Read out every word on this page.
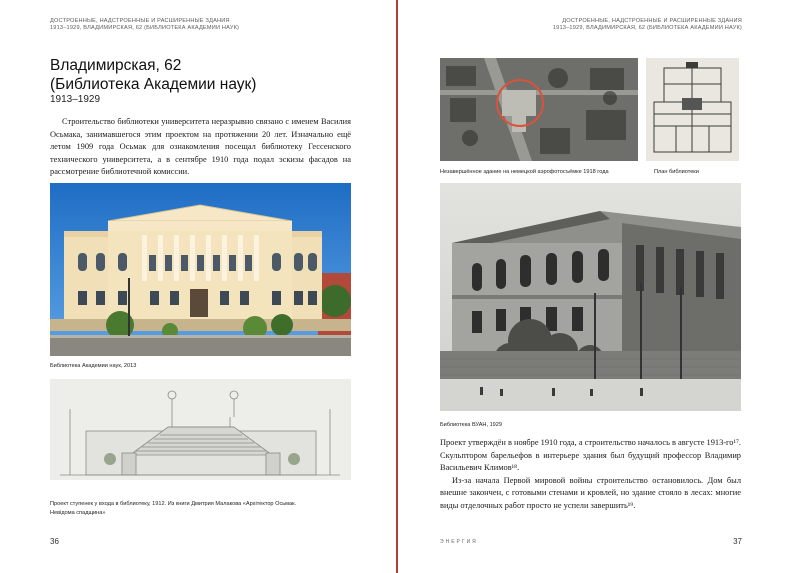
ДОСТРОЕННЫЕ, НАДСТРОЕННЫЕ И РАСШИРЕННЫЕ ЗДАНИЯ
1913–1929, ВЛАДИМИРСКАЯ, 62 (БИБЛИОТЕКА АКАДЕМИИ НАУК)
Владимирская, 62
(Библиотека Академии наук)
1913–1929

Строительство библиотеки университета неразрывно связано с именем Василия Осьмака, занимавшегося этим проектом на протяжении 20 лет. Изначально ещё летом 1909 года Осьмак для ознакомления посещал библиотеку Гессенского технического университета, а в сентябре 1910 года подал эскизы фасадов на рассмотрение библиотечной комиссии.

Библиотека Академии наук, 2013
Проект ступенек у входа в библиотеку, 1912. Из книги Дмитрия Малакова «Архітектор Осьмак.
Невідома спадщина»
36
ДОСТРОЕННЫЕ, НАДСТРОЕННЫЕ И РАСШИРЕННЫЕ ЗДАНИЯ
1913–1929, ВЛАДИМИРСКАЯ, 62 (БИБЛИОТЕКА АКАДЕМИИ НАУК)
Незавершённое здание на немецкой аэрофотосъёмке 1918 года	План библиотеки
Библиотека ВУАН, 1929

Проект утверждён в ноябре 1910 года, а строительство началось в августе 1913-го¹⁷. Скульптором барельефов в интерьере здания был будущий профессор Владимир Васильевич Климов¹⁸.

Из-за начала Первой мировой войны строительство остановилось. Дом был внешне закончен, с готовыми стенами и кровлей, но здание стояло в лесах: многие виды отделочных работ просто не успели завершить¹⁹.

ЭНЕРГИЯ	37
